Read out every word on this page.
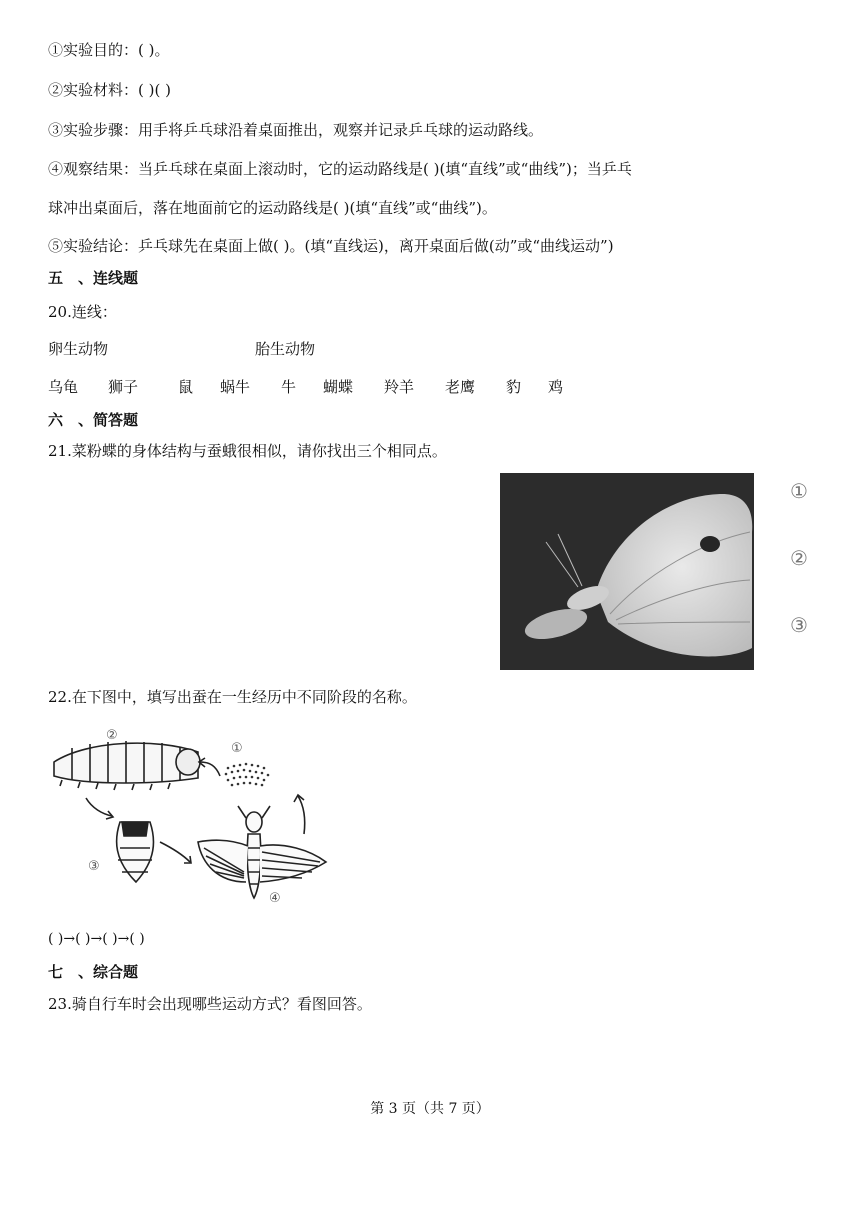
①实验目的：( )。
②实验材料：( )( )
③实验步骤：用手将乒乓球沿着桌面推出，观察并记录乒乓球的运动路线。
④观察结果：当乒乓球在桌面上滚动时，它的运动路线是( )(填“直线”或“曲线”)；当乒乓
球冲出桌面后，落在地面前它的运动路线是( )(填“直线”或“曲线”)。
⑤实验结论：乒乓球先在桌面上做( )。(填“直线运)，离开桌面后做(动”或“曲线运动”)
五　、连线题
20.连线：
卵生动物	胎生动物
乌龟 狮子	鼠 蜗牛 牛 蝴蝶 羚羊 老鹰 豹 鸡
六　、简答题
21.菜粉蝶的身体结构与蚕蛾很相似，请你找出三个相同点。
①
②
③
22.在下图中，填写出蚕在一生经历中不同阶段的名称。
①
②
③
④
( )→( )→( )→( )
七　、综合题
23.骑自行车时会出现哪些运动方式？看图回答。
第 3 页（共 7 页）
